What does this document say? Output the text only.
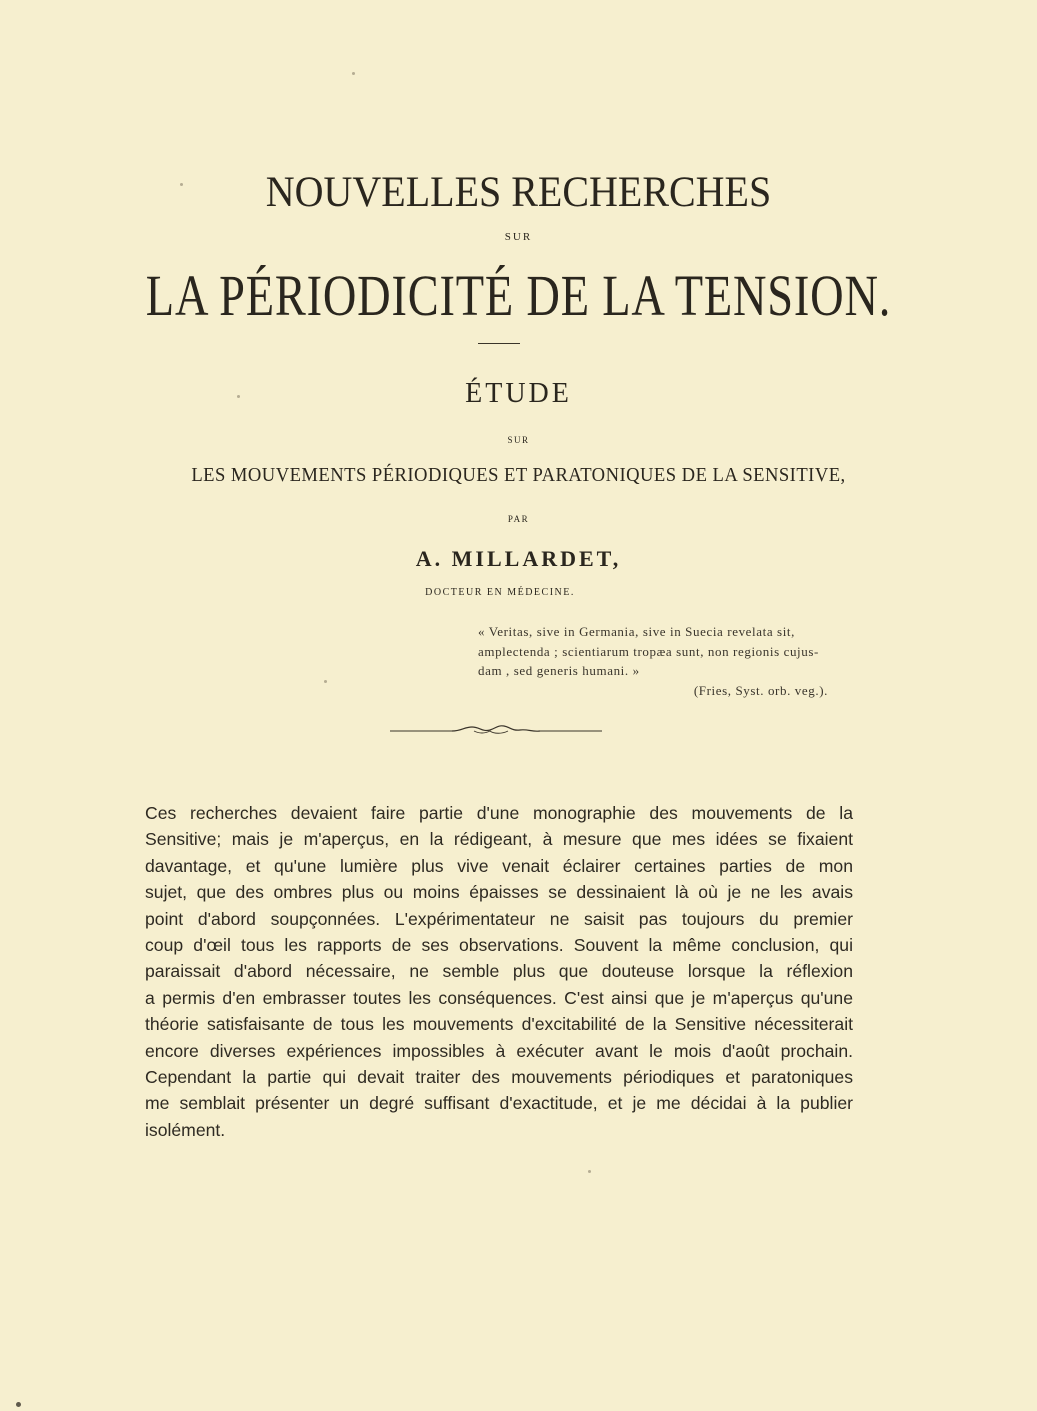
NOUVELLES RECHERCHES
SUR
LA PÉRIODICITÉ DE LA TENSION.
ÉTUDE
SUR
LES MOUVEMENTS PÉRIODIQUES ET PARATONIQUES DE LA SENSITIVE,
PAR
A. MILLARDET,
DOCTEUR EN MÉDECINE.
« Veritas, sive in Germania, sive in Suecia revelata sit,
amplectenda ; scientiarum tropæa sunt, non regionis cujus-
dam , sed generis humani. »
(Fries, Syst. orb. veg.).
Ces recherches devaient faire partie d'une monographie des mouvements de la
Sensitive; mais je m'aperçus, en la rédigeant, à mesure que mes idées se fixaient
davantage, et qu'une lumière plus vive venait éclairer certaines parties de mon
sujet, que des ombres plus ou moins épaisses se dessinaient là où je ne les avais
point d'abord soupçonnées. L'expérimentateur ne saisit pas toujours du premier
coup d'œil tous les rapports de ses observations. Souvent la même conclusion, qui
paraissait d'abord nécessaire, ne semble plus que douteuse lorsque la réflexion
a permis d'en embrasser toutes les conséquences. C'est ainsi que je m'aperçus qu'une
théorie satisfaisante de tous les mouvements d'excitabilité de la Sensitive nécessiterait
encore diverses expériences impossibles à exécuter avant le mois d'août prochain.
Cependant la partie qui devait traiter des mouvements périodiques et paratoniques
me semblait présenter un degré suffisant d'exactitude, et je me décidai à la publier
isolément.
